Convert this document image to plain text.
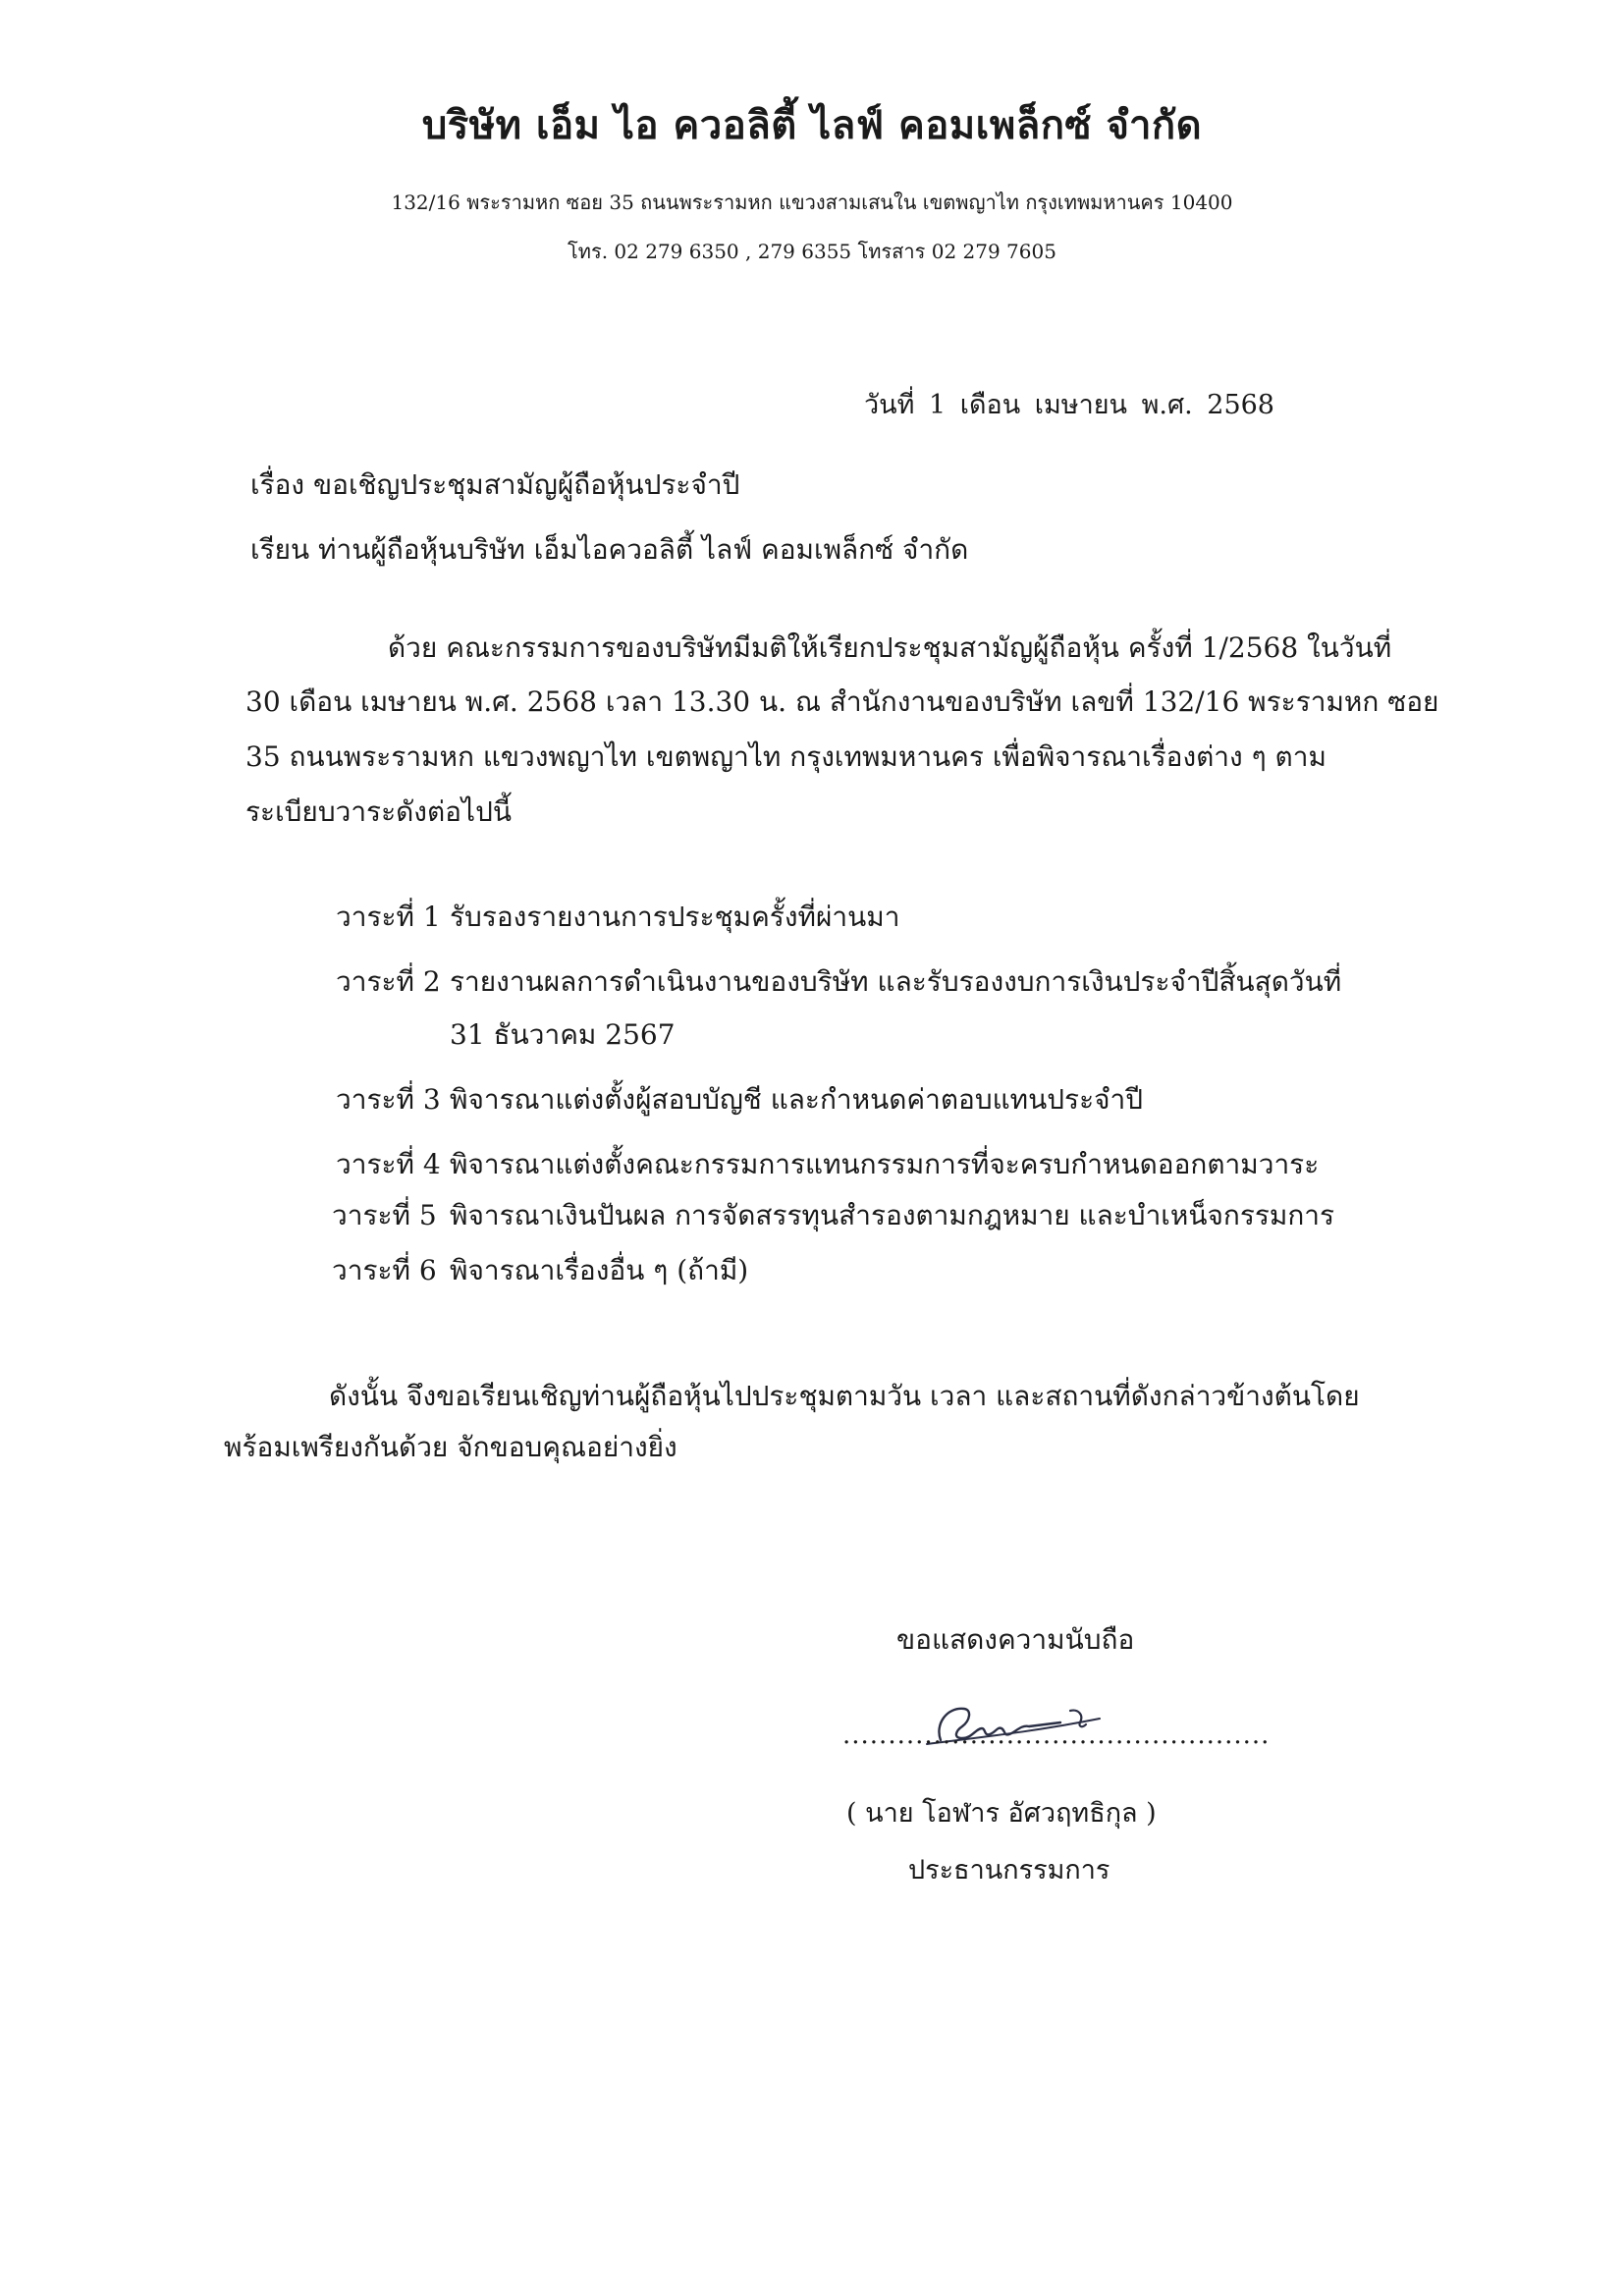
บริษัท เอ็ม ไอ ควอลิตี้ ไลฟ์ คอมเพล็กซ์ จำกัด
132/16 พระรามหก ซอย 35 ถนนพระรามหก แขวงสามเสนใน เขตพญาไท กรุงเทพมหานคร 10400
โทร. 02 279 6350 , 279 6355 โทรสาร 02 279 7605
วันที่ 1 เดือน เมษายน พ.ศ. 2568
เรื่อง ขอเชิญประชุมสามัญผู้ถือหุ้นประจำปี
เรียน ท่านผู้ถือหุ้นบริษัท เอ็มไอควอลิตี้ ไลฟ์ คอมเพล็กซ์ จำกัด
ด้วย คณะกรรมการของบริษัทมีมติให้เรียกประชุมสามัญผู้ถือหุ้น ครั้งที่ 1/2568 ในวันที่
30 เดือน เมษายน พ.ศ. 2568 เวลา 13.30 น. ณ สำนักงานของบริษัท เลขที่ 132/16 พระรามหก ซอย
35 ถนนพระรามหก แขวงพญาไท เขตพญาไท กรุงเทพมหานคร เพื่อพิจารณาเรื่องต่าง ๆ ตาม
ระเบียบวาระดังต่อไปนี้
วาระที่ 1 รับรองรายงานการประชุมครั้งที่ผ่านมา
วาระที่ 2 รายงานผลการดำเนินงานของบริษัท และรับรองงบการเงินประจำปีสิ้นสุดวันที่
31 ธันวาคม 2567
วาระที่ 3 พิจารณาแต่งตั้งผู้สอบบัญชี และกำหนดค่าตอบแทนประจำปี
วาระที่ 4 พิจารณาแต่งตั้งคณะกรรมการแทนกรรมการที่จะครบกำหนดออกตามวาระ
วาระที่ 5 พิจารณาเงินปันผล การจัดสรรทุนสำรองตามกฎหมาย และบำเหน็จกรรมการ
วาระที่ 6 พิจารณาเรื่องอื่น ๆ (ถ้ามี)
ดังนั้น จึงขอเรียนเชิญท่านผู้ถือหุ้นไปประชุมตามวัน เวลา และสถานที่ดังกล่าวข้างต้นโดย
พร้อมเพรียงกันด้วย จักขอบคุณอย่างยิ่ง
ขอแสดงความนับถือ
...............................................
( นาย โอฬาร อัศวฤทธิกุล )
ประธานกรรมการ
